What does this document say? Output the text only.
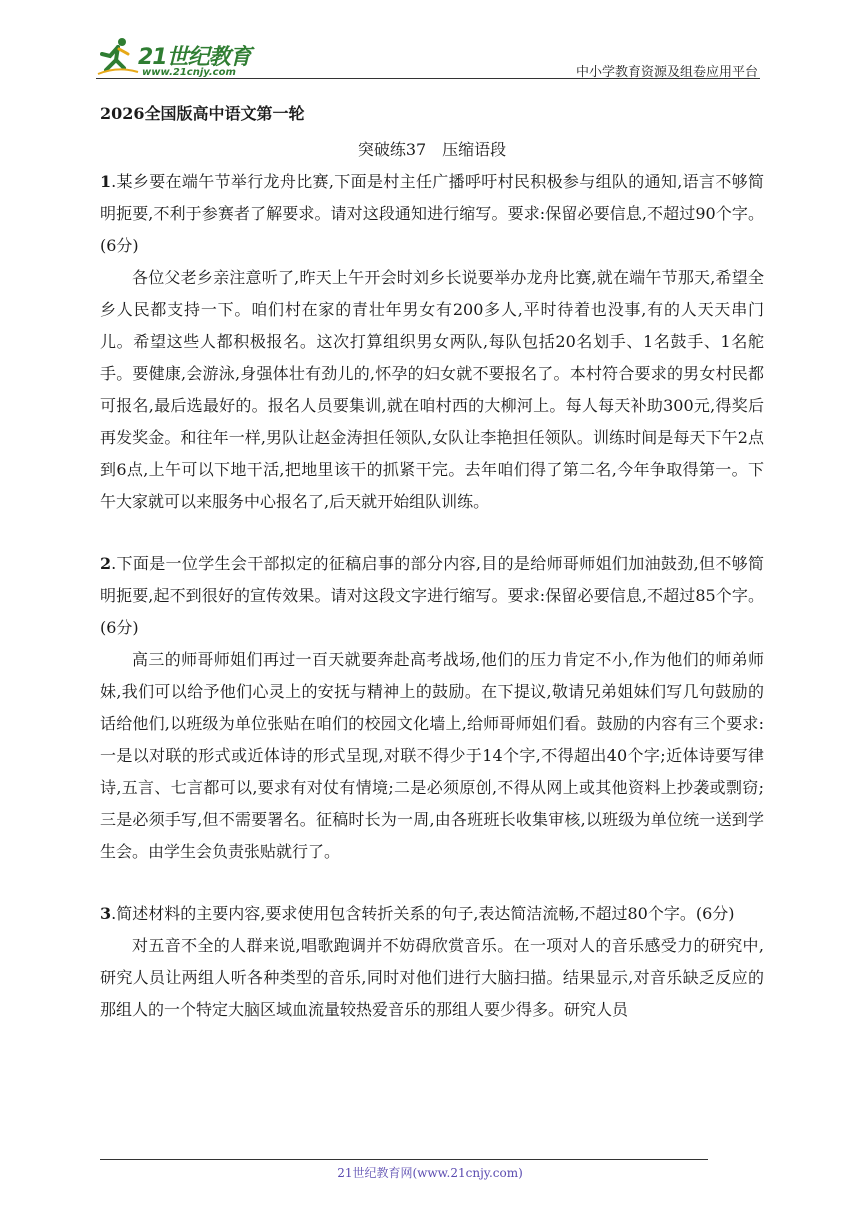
21世纪教育
www.21cnjy.com	中小学教育资源及组卷应用平台
2026全国版高中语文第一轮
突破练37　压缩语段

1.某乡要在端午节举行龙舟比赛,下面是村主任广播呼吁村民积极参与组队的通知,语言不够简明扼要,不利于参赛者了解要求。请对这段通知进行缩写。要求:保留必要信息,不超过90个字。(6分)

各位父老乡亲注意听了,昨天上午开会时刘乡长说要举办龙舟比赛,就在端午节那天,希望全乡人民都支持一下。咱们村在家的青壮年男女有200多人,平时待着也没事,有的人天天串门儿。希望这些人都积极报名。这次打算组织男女两队,每队包括20名划手、1名鼓手、1名舵手。要健康,会游泳,身强体壮有劲儿的,怀孕的妇女就不要报名了。本村符合要求的男女村民都可报名,最后选最好的。报名人员要集训,就在咱村西的大柳河上。每人每天补助300元,得奖后再发奖金。和往年一样,男队让赵金涛担任领队,女队让李艳担任领队。训练时间是每天下午2点到6点,上午可以下地干活,把地里该干的抓紧干完。去年咱们得了第二名,今年争取得第一。下午大家就可以来服务中心报名了,后天就开始组队训练。

2.下面是一位学生会干部拟定的征稿启事的部分内容,目的是给师哥师姐们加油鼓劲,但不够简明扼要,起不到很好的宣传效果。请对这段文字进行缩写。要求:保留必要信息,不超过85个字。(6分)

高三的师哥师姐们再过一百天就要奔赴高考战场,他们的压力肯定不小,作为他们的师弟师妹,我们可以给予他们心灵上的安抚与精神上的鼓励。在下提议,敬请兄弟姐妹们写几句鼓励的话给他们,以班级为单位张贴在咱们的校园文化墙上,给师哥师姐们看。鼓励的内容有三个要求:一是以对联的形式或近体诗的形式呈现,对联不得少于14个字,不得超出40个字;近体诗要写律诗,五言、七言都可以,要求有对仗有情境;二是必须原创,不得从网上或其他资料上抄袭或剽窃;三是必须手写,但不需要署名。征稿时长为一周,由各班班长收集审核,以班级为单位统一送到学生会。由学生会负责张贴就行了。

3.简述材料的主要内容,要求使用包含转折关系的句子,表达简洁流畅,不超过80个字。(6分)

对五音不全的人群来说,唱歌跑调并不妨碍欣赏音乐。在一项对人的音乐感受力的研究中,研究人员让两组人听各种类型的音乐,同时对他们进行大脑扫描。结果显示,对音乐缺乏反应的那组人的一个特定大脑区域血流量较热爱音乐的那组人要少得多。研究人员

21世纪教育网(www.21cnjy.com)
